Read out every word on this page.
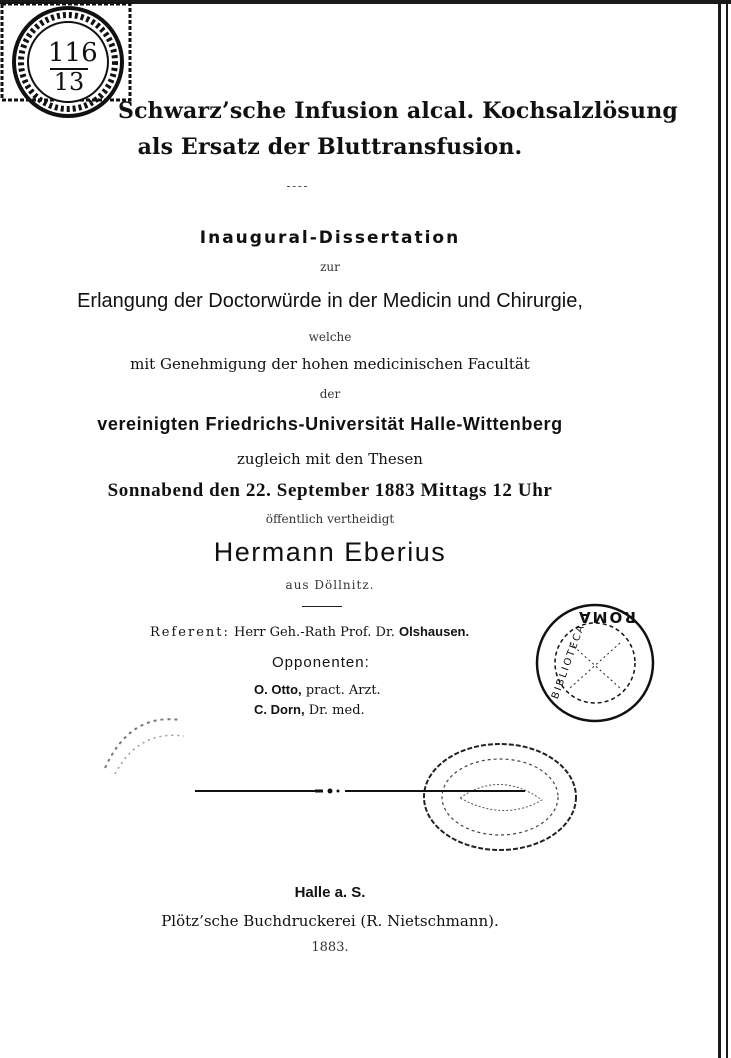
116
13
Schwarz’sche Infusion alcal. Kochsalzlösung
als Ersatz der Bluttransfusion.
Inaugural-Dissertation
zur
Erlangung der Doctorwürde in der Medicin und Chirurgie,
welche
mit Genehmigung der hohen medicinischen Facultät
der
vereinigten Friedrichs-Universität Halle-Wittenberg
zugleich mit den Thesen
Sonnabend den 22. September 1883 Mittags 12 Uhr
öffentlich vertheidigt
Hermann Eberius
aus Döllnitz.
Referent: Herr Geh.-Rath Prof. Dr. Olshausen.
Opponenten:
O. Otto, pract. Arzt.
C. Dorn, Dr. med.
ROMA
BIBLIOTECA
Halle a. S.
Plötz’sche Buchdruckerei (R. Nietschmann).
1883.
